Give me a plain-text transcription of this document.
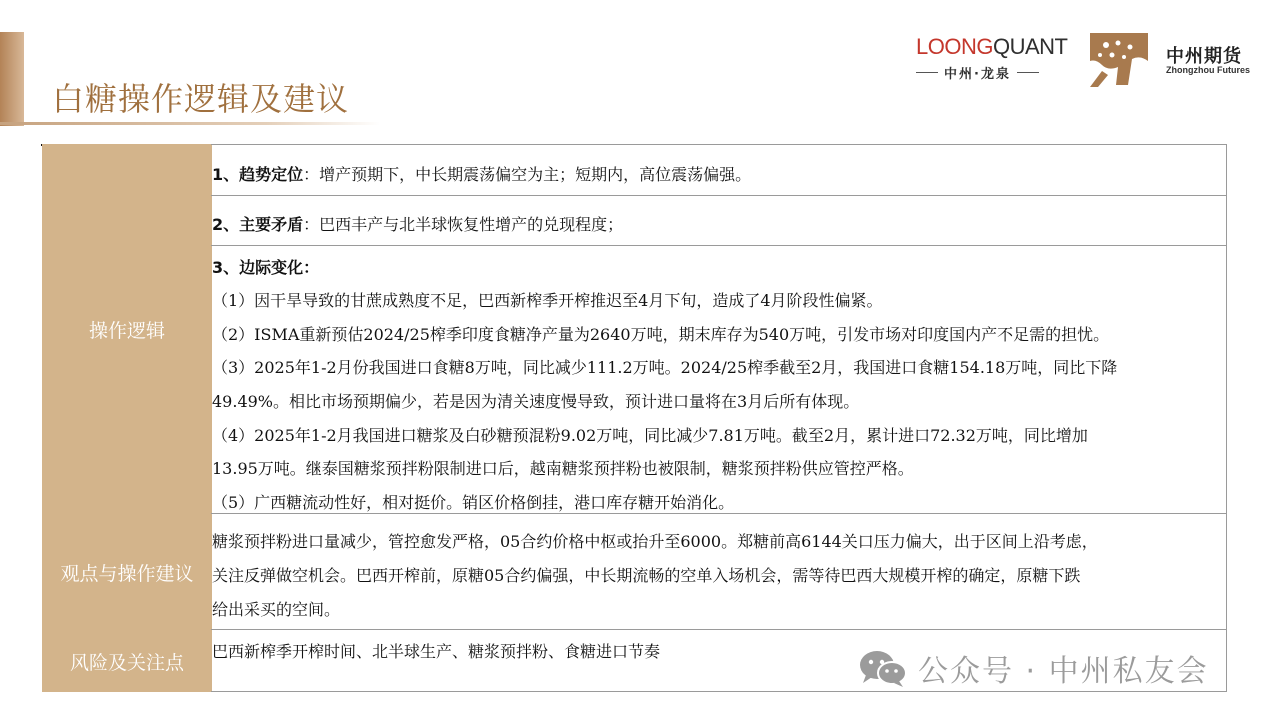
白糖操作逻辑及建议
LOONGQUANT
中州·龙泉
中州期货
Zhongzhou Futures
操作逻辑
1、趋势定位：增产预期下，中长期震荡偏空为主；短期内，高位震荡偏强。
2、主要矛盾：巴西丰产与北半球恢复性增产的兑现程度；
3、边际变化：
（1）因干旱导致的甘蔗成熟度不足，巴西新榨季开榨推迟至4月下旬，造成了4月阶段性偏紧。
（2）ISMA重新预估2024/25榨季印度食糖净产量为2640万吨，期末库存为540万吨，引发市场对印度国内产不足需的担忧。
（3）2025年1-2月份我国进口食糖8万吨，同比减少111.2万吨。2024/25榨季截至2月，我国进口食糖154.18万吨，同比下降
49.49%。相比市场预期偏少，若是因为清关速度慢导致，预计进口量将在3月后所有体现。
（4）2025年1-2月我国进口糖浆及白砂糖预混粉9.02万吨，同比减少7.81万吨。截至2月，累计进口72.32万吨，同比增加
13.95万吨。继泰国糖浆预拌粉限制进口后，越南糖浆预拌粉也被限制，糖浆预拌粉供应管控严格。
（5）广西糖流动性好，相对挺价。销区价格倒挂，港口库存糖开始消化。
观点与操作建议
糖浆预拌粉进口量减少，管控愈发严格，05合约价格中枢或抬升至6000。郑糖前高6144关口压力偏大，出于区间上沿考虑，
关注反弹做空机会。巴西开榨前，原糖05合约偏强，中长期流畅的空单入场机会，需等待巴西大规模开榨的确定，原糖下跌
给出采买的空间。
风险及关注点	巴西新榨季开榨时间、北半球生产、糖浆预拌粉、食糖进口节奏
公众号 · 中州私友会
